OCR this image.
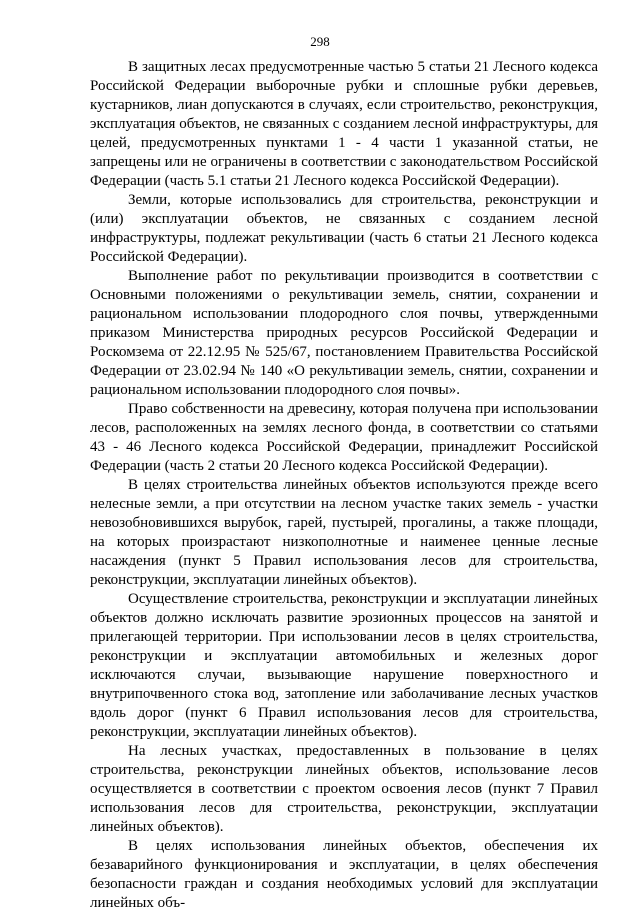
298

В защитных лесах предусмотренные частью 5 статьи 21 Лесного кодекса Российской Федерации выборочные рубки и сплошные рубки деревьев, кустарников, лиан допускаются в случаях, если строительство, реконструкция, эксплуатация объектов, не связанных с созданием лесной инфраструктуры, для целей, предусмотренных пунктами 1 - 4 части 1 указанной статьи, не запрещены или не ограничены в соответствии с законодательством Российской Федерации (часть 5.1 статьи 21 Лесного кодекса Российской Федерации).

Земли, которые использовались для строительства, реконструкции и (или) эксплуатации объектов, не связанных с созданием лесной инфраструктуры, подлежат рекультивации (часть 6 статьи 21 Лесного кодекса Российской Федерации).

Выполнение работ по рекультивации производится в соответствии с Основными положениями о рекультивации земель, снятии, сохранении и рациональном использовании плодородного слоя почвы, утвержденными приказом Министерства природных ресурсов Российской Федерации и Роскомзема от 22.12.95 № 525/67, постановлением Правительства Российской Федерации от 23.02.94 № 140 «О рекультивации земель, снятии, сохранении и рациональном использовании плодородного слоя почвы».

Право собственности на древесину, которая получена при использовании лесов, расположенных на землях лесного фонда, в соответствии со статьями 43 - 46 Лесного кодекса Российской Федерации, принадлежит Российской Федерации (часть 2 статьи 20 Лесного кодекса Российской Федерации).

В целях строительства линейных объектов используются прежде всего нелесные земли, а при отсутствии на лесном участке таких земель - участки невозобновившихся вырубок, гарей, пустырей, прогалины, а также площади, на которых произрастают низкополнотные и наименее ценные лесные насаждения (пункт 5 Правил использования лесов для строительства, реконструкции, эксплуатации линейных объектов).

Осуществление строительства, реконструкции и эксплуатации линейных объектов должно исключать развитие эрозионных процессов на занятой и прилегающей территории. При использовании лесов в целях строительства, реконструкции и эксплуатации автомобильных и железных дорог исключаются случаи, вызывающие нарушение поверхностного и внутрипочвенного стока вод, затопление или заболачивание лесных участков вдоль дорог (пункт 6 Правил использования лесов для строительства, реконструкции, эксплуатации линейных объектов).

На лесных участках, предоставленных в пользование в целях строительства, реконструкции линейных объектов, использование лесов осуществляется в соответствии с проектом освоения лесов (пункт 7 Правил использования лесов для строительства, реконструкции, эксплуатации линейных объектов).

В целях использования линейных объектов, обеспечения их безаварийного функционирования и эксплуатации, в целях обеспечения безопасности граждан и создания необходимых условий для эксплуатации линейных объ-
